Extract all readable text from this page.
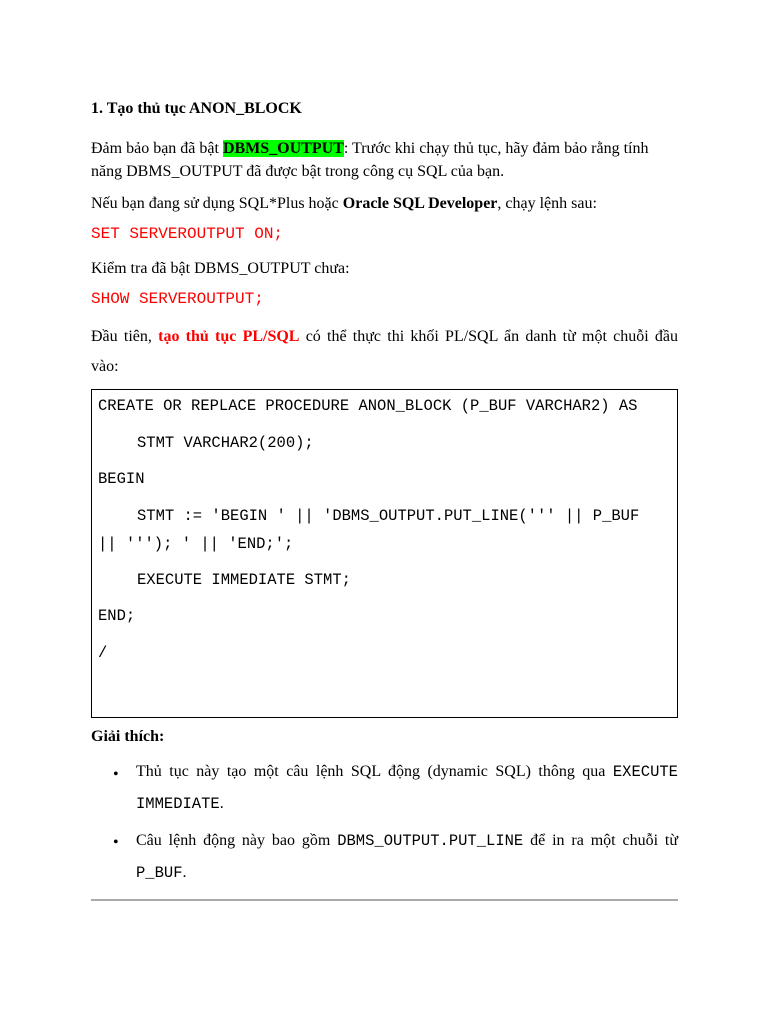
1. Tạo thủ tục ANON_BLOCK
Đảm bảo bạn đã bật DBMS_OUTPUT: Trước khi chạy thủ tục, hãy đảm bảo rằng tính năng DBMS_OUTPUT đã được bật trong công cụ SQL của bạn.
Nếu bạn đang sử dụng SQL*Plus hoặc Oracle SQL Developer, chạy lệnh sau:
SET SERVEROUTPUT ON;
Kiểm tra đã bật DBMS_OUTPUT chưa:
SHOW SERVEROUTPUT;
Đầu tiên, tạo thủ tục PL/SQL có thể thực thi khối PL/SQL ẩn danh từ một chuỗi đầu
vào:
CREATE OR REPLACE PROCEDURE ANON_BLOCK (P_BUF VARCHAR2) AS
STMT VARCHAR2(200);
BEGIN
STMT := 'BEGIN ' || 'DBMS_OUTPUT.PUT_LINE(''' || P_BUF
|| '''); ' || 'END;';
EXECUTE IMMEDIATE STMT;
END;
/
Giải thích:
• Thủ tục này tạo một câu lệnh SQL động (dynamic SQL) thông qua EXECUTE IMMEDIATE.
• Câu lệnh động này bao gồm DBMS_OUTPUT.PUT_LINE để in ra một chuỗi từ P_BUF.
